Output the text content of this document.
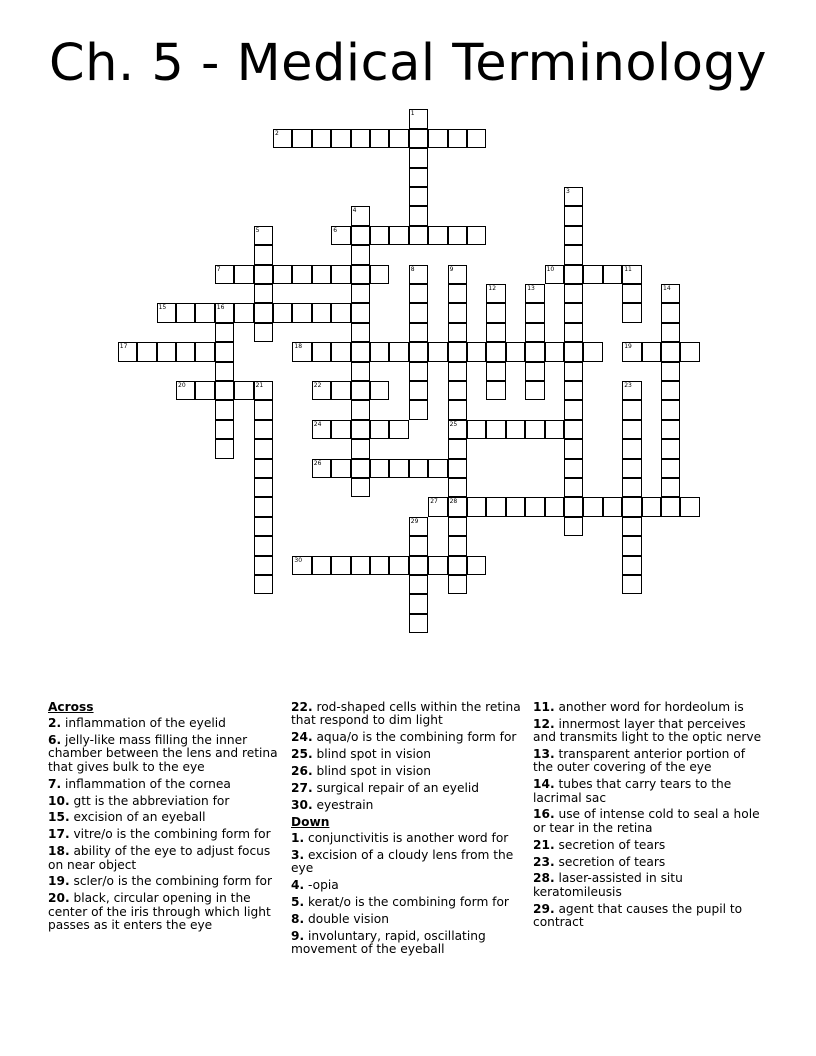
Ch. 5 - Medical Terminology
1
2
3
4
5	6
7	8	9	10	11
12	13	14
15	16
17	18	19
20	21	22	23
24	25
26
27 28
29
30
Across
2. inflammation of the eyelid
6. jelly-like mass filling the inner chamber between the lens and retina that gives bulk to the eye
7. inflammation of the cornea
10. gtt is the abbreviation for
15. excision of an eyeball
17. vitre/o is the combining form for
18. ability of the eye to adjust focus on near object
19. scler/o is the combining form for
20. black, circular opening in the center of the iris through which light passes as it enters the eye
22. rod-shaped cells within the retina that respond to dim light
24. aqua/o is the combining form for
25. blind spot in vision
26. blind spot in vision
27. surgical repair of an eyelid
30. eyestrain
Down
1. conjunctivitis is another word for
3. excision of a cloudy lens from the eye
4. -opia
5. kerat/o is the combining form for
8. double vision
9. involuntary, rapid, oscillating movement of the eyeball
11. another word for hordeolum is
12. innermost layer that perceives and transmits light to the optic nerve
13. transparent anterior portion of the outer covering of the eye
14. tubes that carry tears to the lacrimal sac
16. use of intense cold to seal a hole or tear in the retina
21. secretion of tears
23. secretion of tears
28. laser-assisted in situ keratomileusis
29. agent that causes the pupil to contract
